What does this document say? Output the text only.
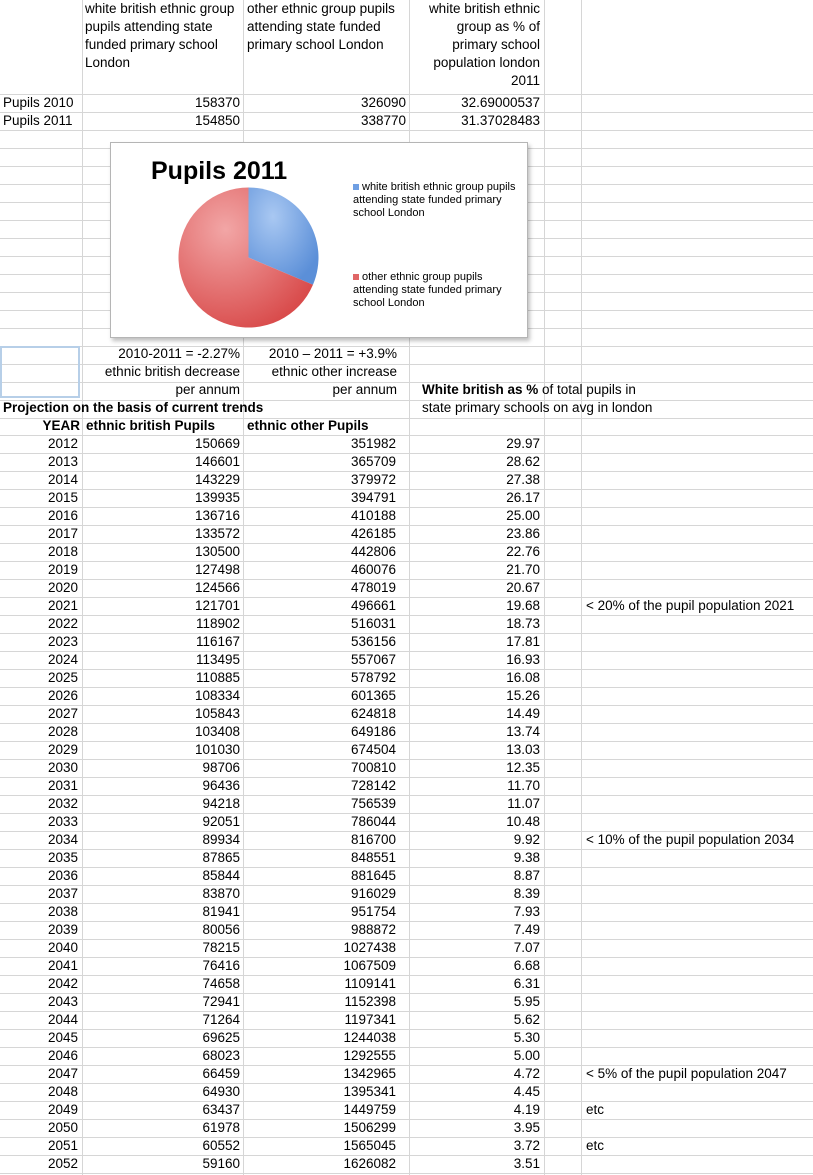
white british ethnic group pupils attending state funded primary school London
other ethnic group pupils attending state funded primary school London
white british ethnic group as % of primary school population london 2011
Pupils 2010	158370	326090	32.69000537
Pupils 2011	154850	338770	31.37028483
Pupils 2011
white british ethnic group pupils attending state funded primary school London
other ethnic group pupils attending state funded primary school London
2010-2011 = -2.27%
ethnic british decrease
per annum
2010 – 2011 = +3.9%
ethnic other increase
per annum White british as % of total pupils in
state primary schools on avg in london
Projection on the basis of current trends
YEAR ethnic british Pupils ethnic other Pupils
2012	150669	351982	29.97
2013	146601	365709	28.62
2014	143229	379972	27.38
2015	139935	394791	26.17
2016	136716	410188	25.00
2017	133572	426185	23.86
2018	130500	442806	22.76
2019	127498	460076	21.70
2020	124566	478019	20.67
2021	121701	496661	19.68	< 20% of the pupil population 2021
2022	118902	516031	18.73
2023	116167	536156	17.81
2024	113495	557067	16.93
2025	110885	578792	16.08
2026	108334	601365	15.26
2027	105843	624818	14.49
2028	103408	649186	13.74
2029	101030	674504	13.03
2030	98706	700810	12.35
2031	96436	728142	11.70
2032	94218	756539	11.07
2033	92051	786044	10.48
2034	89934	816700	9.92	< 10% of the pupil population 2034
2035	87865	848551	9.38
2036	85844	881645	8.87
2037	83870	916029	8.39
2038	81941	951754	7.93
2039	80056	988872	7.49
2040	78215	1027438	7.07
2041	76416	1067509	6.68
2042	74658	1109141	6.31
2043	72941	1152398	5.95
2044	71264	1197341	5.62
2045	69625	1244038	5.30
2046	68023	1292555	5.00
2047	66459	1342965	4.72	< 5% of the pupil population 2047
2048	64930	1395341	4.45
2049	63437	1449759	4.19	etc
2050	61978	1506299	3.95
2051	60552	1565045	3.72	etc
2052	59160	1626082	3.51
